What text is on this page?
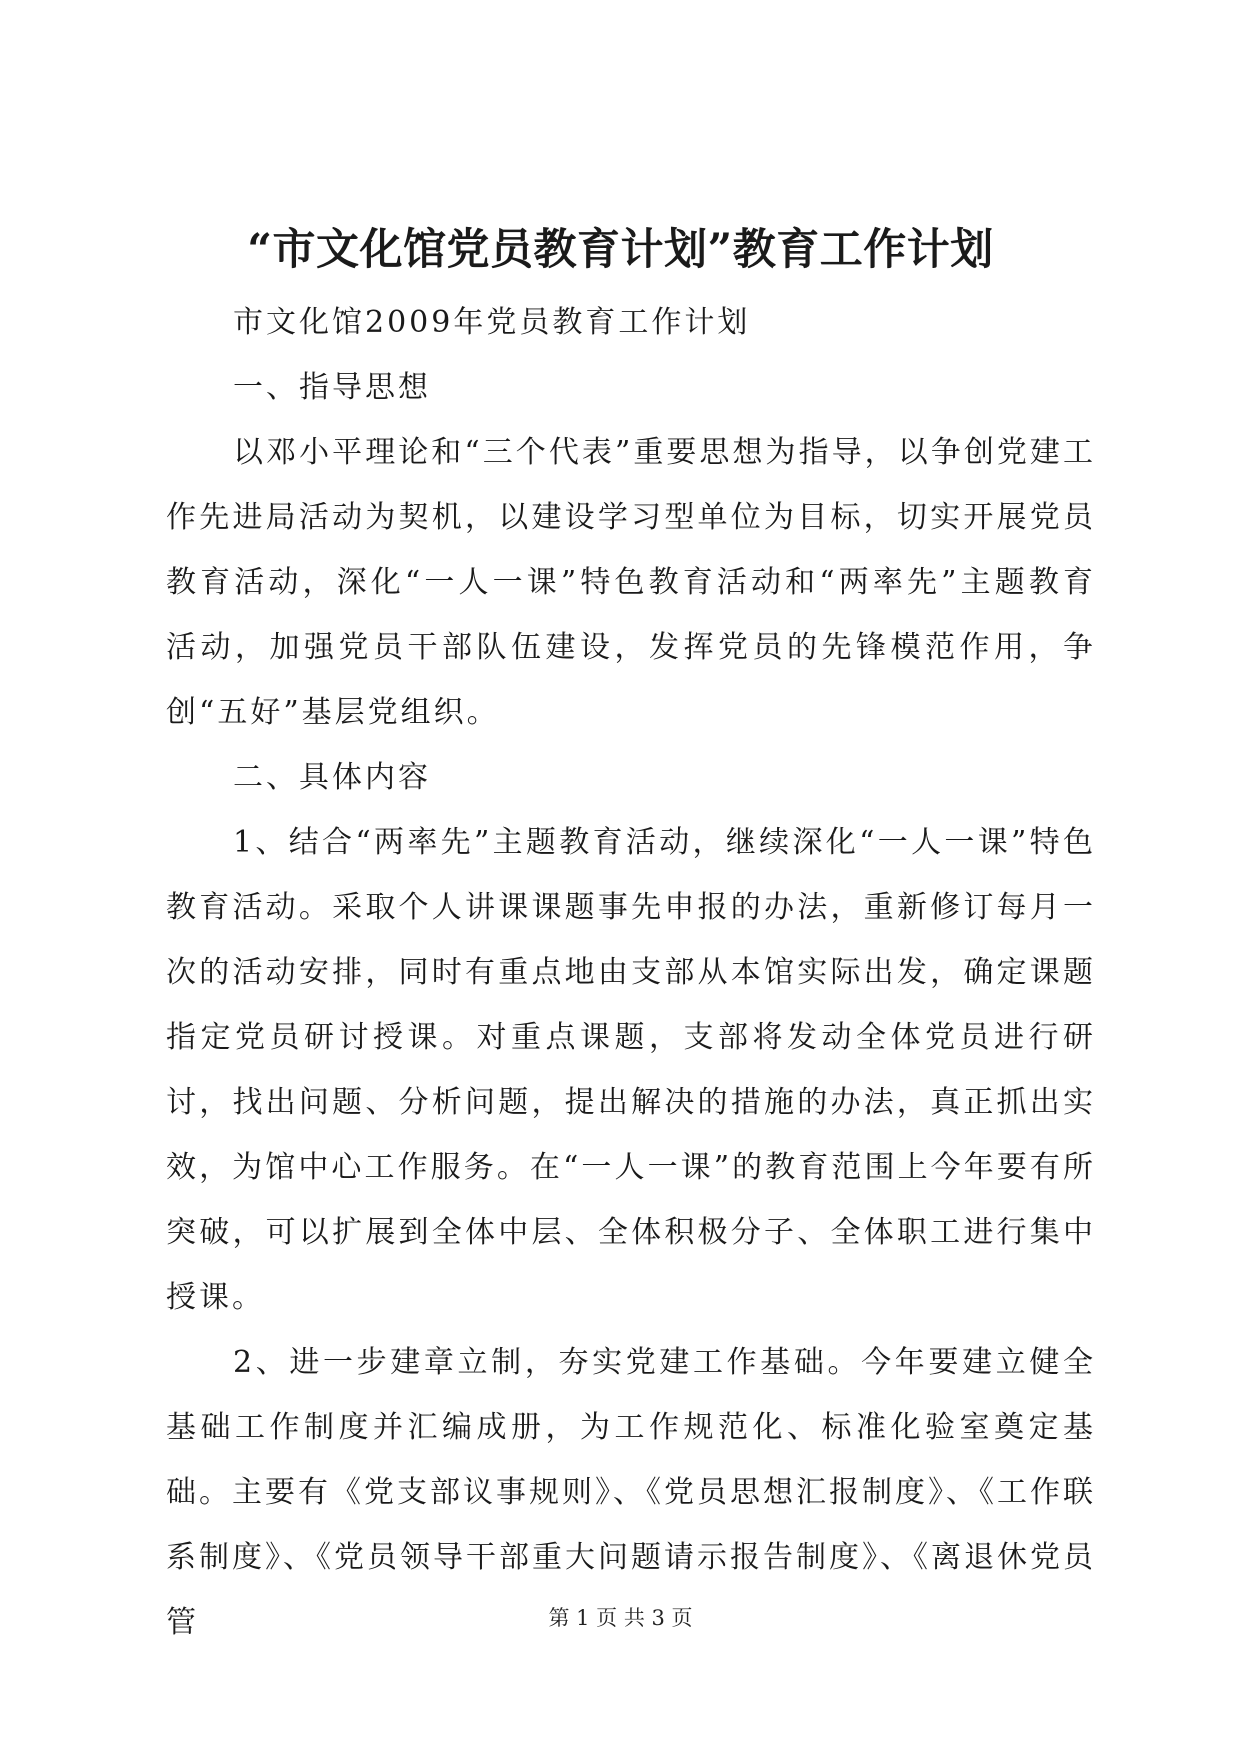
“市文化馆党员教育计划”教育工作计划

市文化馆2009年党员教育工作计划

一、指导思想

以邓小平理论和“三个代表”重要思想为指导，以争创党建工作先进局活动为契机，以建设学习型单位为目标，切实开展党员教育活动，深化“一人一课”特色教育活动和“两率先”主题教育活动，加强党员干部队伍建设，发挥党员的先锋模范作用，争创“五好”基层党组织。

二、具体内容

1、结合“两率先”主题教育活动，继续深化“一人一课”特色教育活动。采取个人讲课课题事先申报的办法，重新修订每月一次的活动安排，同时有重点地由支部从本馆实际出发，确定课题指定党员研讨授课。对重点课题，支部将发动全体党员进行研讨，找出问题、分析问题，提出解决的措施的办法，真正抓出实效，为馆中心工作服务。在“一人一课”的教育范围上今年要有所突破，可以扩展到全体中层、全体积极分子、全体职工进行集中授课。

2、进一步建章立制，夯实党建工作基础。今年要建立健全基础工作制度并汇编成册，为工作规范化、标准化验室奠定基础。主要有《党支部议事规则》、《党员思想汇报制度》、《工作联系制度》、《党员领导干部重大问题请示报告制度》、《离退休党员管	第 1 页 共 3 页
